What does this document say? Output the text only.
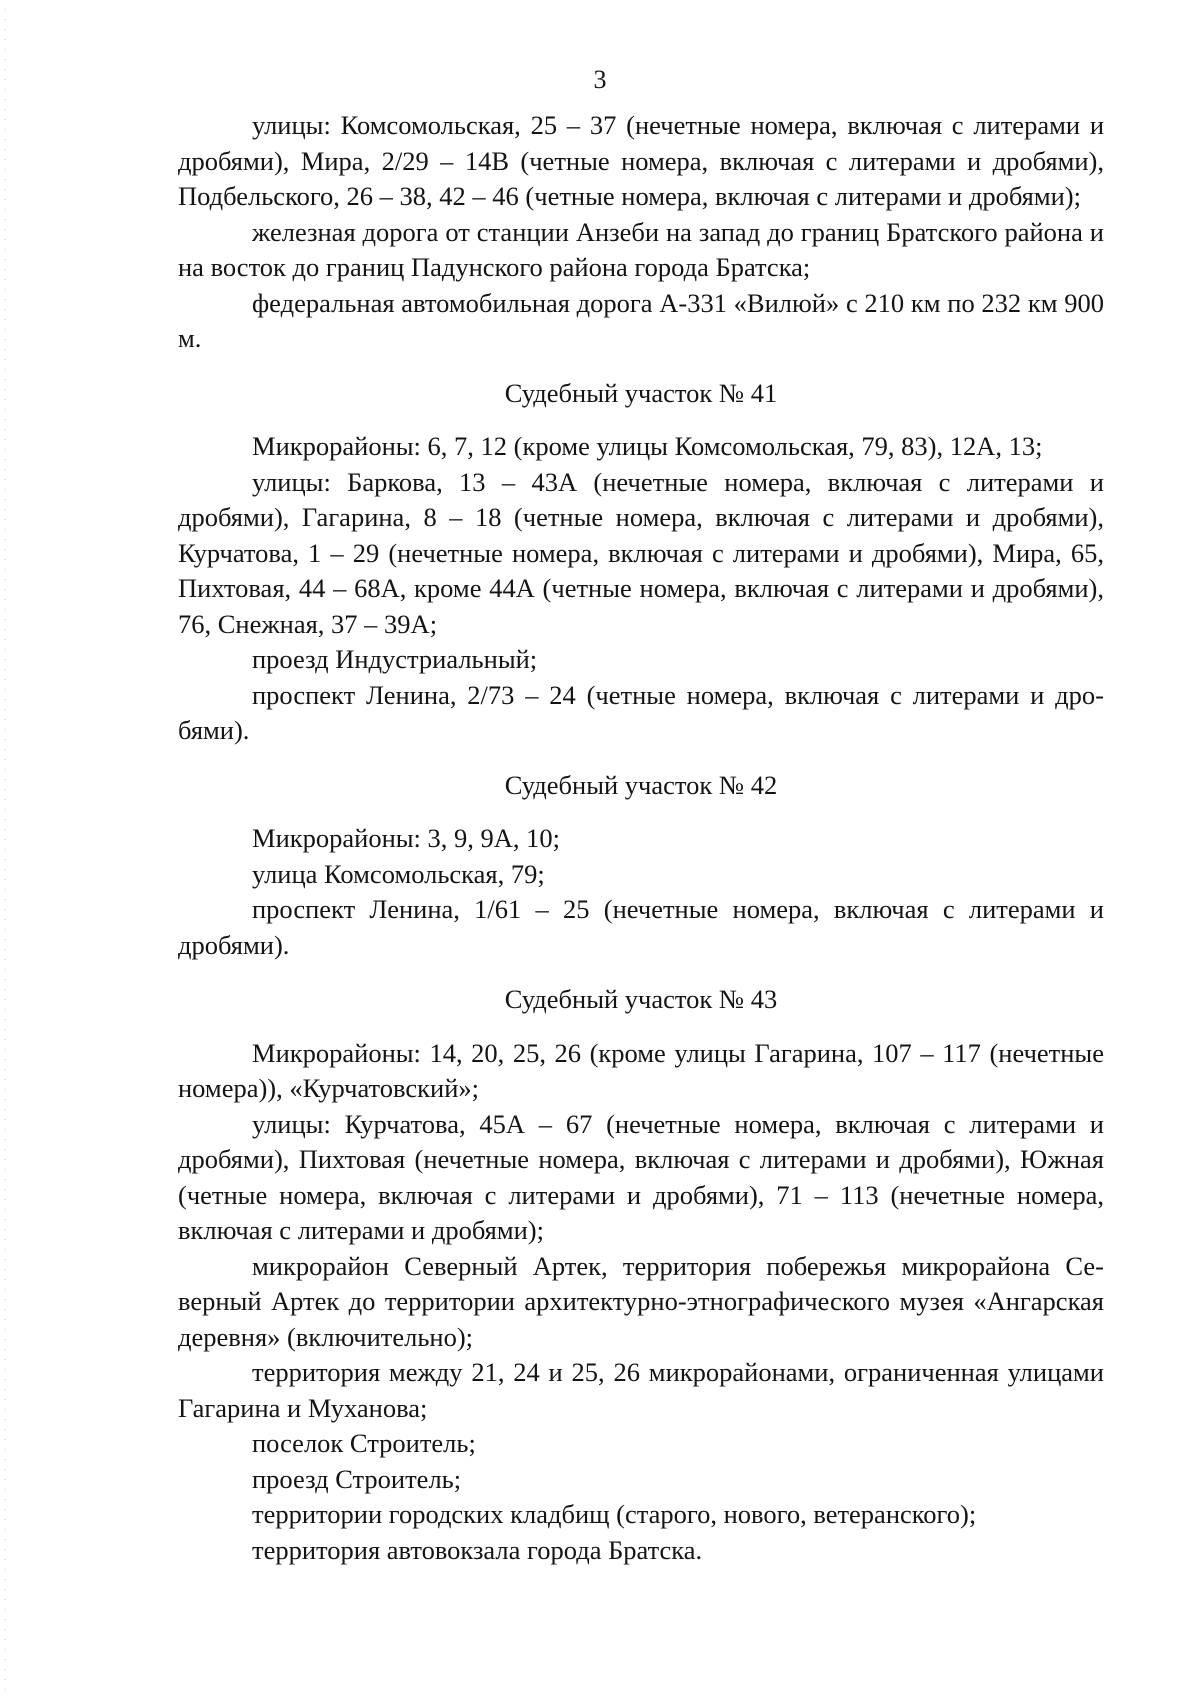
3

улицы: Комсомольская, 25 – 37 (нечетные номера, включая с литерами и дробями), Мира, 2/29 – 14В (четные номера, включая с литерами и дробями), Подбельского, 26 – 38, 42 – 46 (четные номера, включая с литерами и дробями);

железная дорога от станции Анзеби на запад до границ Братского района и на восток до границ Падунского района города Братска;

федеральная автомобильная дорога А-331 «Вилюй» с 210 км по 232 км 900 м.

Судебный участок № 41

Микрорайоны: 6, 7, 12 (кроме улицы Комсомольская, 79, 83), 12А, 13;

улицы: Баркова, 13 – 43А (нечетные номера, включая с литерами и дробями), Гагарина, 8 – 18 (четные номера, включая с литерами и дробями), Курчатова, 1 – 29 (нечетные номера, включая с литерами и дробями), Мира, 65, Пихтовая, 44 – 68А, кроме 44А (четные номера, включая с литерами и дробями), 76, Снежная, 37 – 39А;

проезд Индустриальный;

проспект Ленина, 2/73 – 24 (четные номера, включая с литерами и дробями).

Судебный участок № 42

Микрорайоны: 3, 9, 9А, 10;

улица Комсомольская, 79;

проспект Ленина, 1/61 – 25 (нечетные номера, включая с литерами и дробями).

Судебный участок № 43

Микрорайоны: 14, 20, 25, 26 (кроме улицы Гагарина, 107 – 117 (нечетные номера)), «Курчатовский»;

улицы: Курчатова, 45А – 67 (нечетные номера, включая с литерами и дробями), Пихтовая (нечетные номера, включая с литерами и дробями), Южная (четные номера, включая с литерами и дробями), 71 – 113 (нечетные номера, включая с литерами и дробями);

микрорайон Северный Артек, территория побережья микрорайона Северный Артек до территории архитектурно-этнографического музея «Ангарская деревня» (включительно);

территория между 21, 24 и 25, 26 микрорайонами, ограниченная улицами Гагарина и Муханова;

поселок Строитель;

проезд Строитель;

территории городских кладбищ (старого, нового, ветеранского);

территория автовокзала города Братска.
